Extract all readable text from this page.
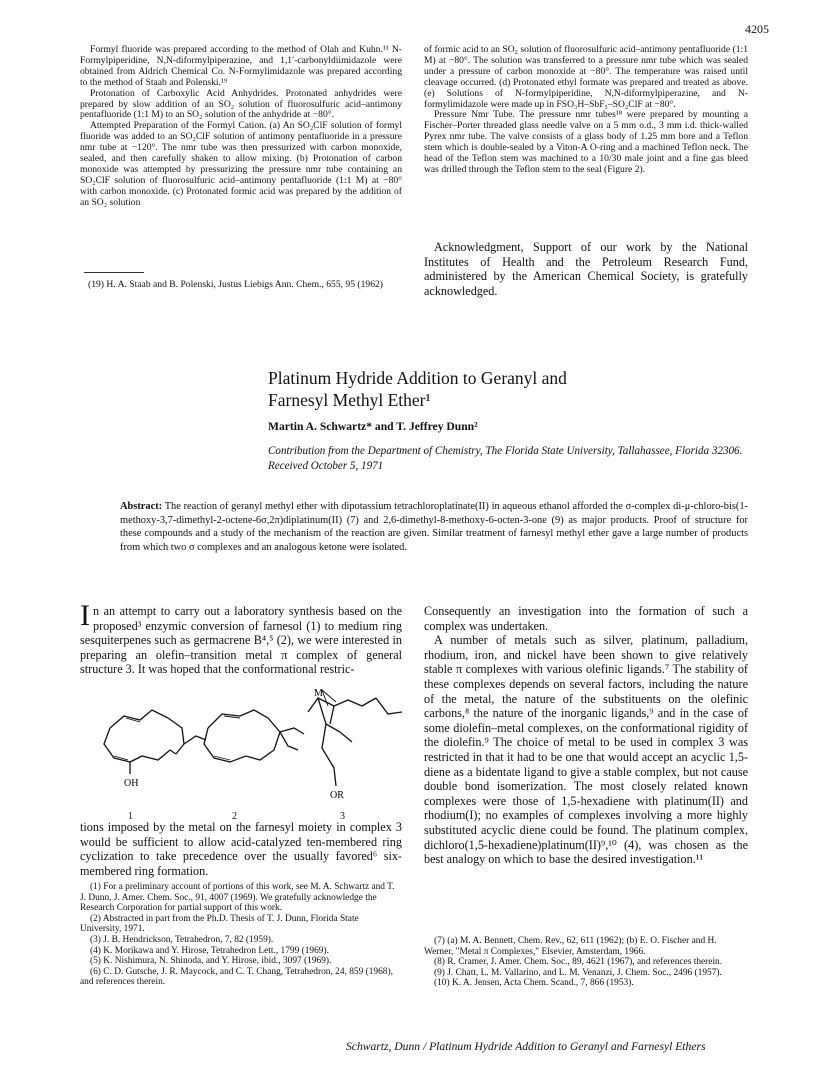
4205

Formyl fluoride was prepared according to the method of Olah and Kuhn.¹¹ N-Formylpiperidine, N,N-diformylpiperazine, and 1,1′-carbonyldiimidazole were obtained from Aldrich Chemical Co. N-Formylimidazole was prepared according to the method of Staab and Polenski.¹⁹

Protonation of Carboxylic Acid Anhydrides. Protonated anhydrides were prepared by slow addition of an SO₂ solution of fluorosulfuric acid–antimony pentafluoride (1:1 M) to an SO₂ solution of the anhydride at −80°.

Attempted Preparation of the Formyl Cation. (a) An SO₂ClF solution of formyl fluoride was added to an SO₂ClF solution of antimony pentafluoride in a pressure nmr tube at −120°. The nmr tube was then pressurized with carbon monoxide, sealed, and then carefully shaken to allow mixing. (b) Protonation of carbon monoxide was attempted by pressurizing the pressure nmr tube containing an SO₂ClF solution of fluorosulfuric acid–antimony pentafluoride (1:1 M) at −80° with carbon monoxide. (c) Protonated formic acid was prepared by the addition of an SO₂ solution

(19) H. A. Staab and B. Polenski, Justus Liebigs Ann. Chem., 655, 95 (1962)

of formic acid to an SO₂ solution of fluorosulfuric acid–antimony pentafluoride (1:1 M) at −80°. The solution was transferred to a pressure nmr tube which was sealed under a pressure of carbon monoxide at −80°. The temperature was raised until cleavage occurred. (d) Protonated ethyl formate was prepared and treated as above. (e) Solutions of N-formylpiperidine, N,N-diformylpiperazine, and N-formylimidazole were made up in FSO₃H–SbF₅–SO₂ClF at −80°.

Pressure Nmr Tube. The pressure nmr tubes¹⁸ were prepared by mounting a Fischer–Porter threaded glass needle valve on a 5 mm o.d., 3 mm i.d. thick-walled Pyrex nmr tube. The valve consists of a glass body of 1.25 mm bore and a Teflon stem which is double-sealed by a Viton-A O-ring and a machined Teflon neck. The head of the Teflon stem was machined to a 10/30 male joint and a fine gas bleed was drilled through the Teflon stem to the seal (Figure 2).

Acknowledgment, Support of our work by the National Institutes of Health and the Petroleum Research Fund, administered by the American Chemical Society, is gratefully acknowledged.
Platinum Hydride Addition to Geranyl and
Farnesyl Methyl Ether¹
Martin A. Schwartz* and T. Jeffrey Dunn²
Contribution from the Department of Chemistry, The Florida State University, Tallahassee, Florida 32306. Received October 5, 1971
Abstract: The reaction of geranyl methyl ether with dipotassium tetrachloroplatinate(II) in aqueous ethanol afforded the σ-complex di-μ-chloro-bis(1-methoxy-3,7-dimethyl-2-octene-6σ,2π)diplatinum(II) (7) and 2,6-dimethyl-8-methoxy-6-octen-3-one (9) as major products. Proof of structure for these compounds and a study of the mechanism of the reaction are given. Similar treatment of farnesyl methyl ether gave a large number of products from which two σ complexes and an analogous ketone were isolated.
I n an attempt to carry out a laboratory synthesis based on the proposed³ enzymic conversion of farnesol (1) to medium ring sesquiterpenes such as germacrene B⁴,⁵ (2), we were interested in preparing an olefin–transition metal π complex of general structure 3. It was hoped that the conformational restric-
M
OH
OR
1	2	3
tions imposed by the metal on the farnesyl moiety in complex 3 would be sufficient to allow acid-catalyzed ten-membered ring cyclization to take precedence over the usually favored⁶ six-membered ring formation.

(1) For a preliminary account of portions of this work, see M. A. Schwartz and T. J. Dunn, J. Amer. Chem. Soc., 91, 4007 (1969). We gratefully acknowledge the Research Corporation for partial support of this work.

(2) Abstracted in part from the Ph.D. Thesis of T. J. Dunn, Florida State University, 1971.

(3) J. B. Hendrickson, Tetrahedron, 7, 82 (1959).

(4) K. Morikawa and Y. Hirose, Tetrahedron Lett., 1799 (1969).

(5) K. Nishimura, N. Shinoda, and Y. Hirose, ibid., 3097 (1969).

(6) C. D. Gutsche, J. R. Maycock, and C. T. Chang, Tetrahedron, 24, 859 (1968), and references therein.

Consequently an investigation into the formation of such a complex was undertaken.

A number of metals such as silver, platinum, palladium, rhodium, iron, and nickel have been shown to give relatively stable π complexes with various olefinic ligands.⁷ The stability of these complexes depends on several factors, including the nature of the metal, the nature of the substituents on the olefinic carbons,⁸ the nature of the inorganic ligands,⁹ and in the case of some diolefin–metal complexes, on the conformational rigidity of the diolefin.⁹ The choice of metal to be used in complex 3 was restricted in that it had to be one that would accept an acyclic 1,5-diene as a bidentate ligand to give a stable complex, but not cause double bond isomerization. The most closely related known complexes were those of 1,5-hexadiene with platinum(II) and rhodium(I); no examples of complexes involving a more highly substituted acyclic diene could be found. The platinum complex, dichloro(1,5-hexadiene)platinum(II)⁹,¹⁰ (4), was chosen as the best analogy on which to base the desired investigation.¹¹

(7) (a) M. A. Bennett, Chem. Rev., 62, 611 (1962); (b) E. O. Fischer and H. Werner, "Metal π Complexes," Elsevier, Amsterdam, 1966.

(8) R. Cramer, J. Amer. Chem. Soc., 89, 4621 (1967), and references therein.

(9) J. Chatt, L. M. Vallarino, and L. M. Venanzi, J. Chem. Soc., 2496 (1957).

(10) K. A. Jensen, Acta Chem. Scand., 7, 866 (1953).

Schwartz, Dunn / Platinum Hydride Addition to Geranyl and Farnesyl Ethers
